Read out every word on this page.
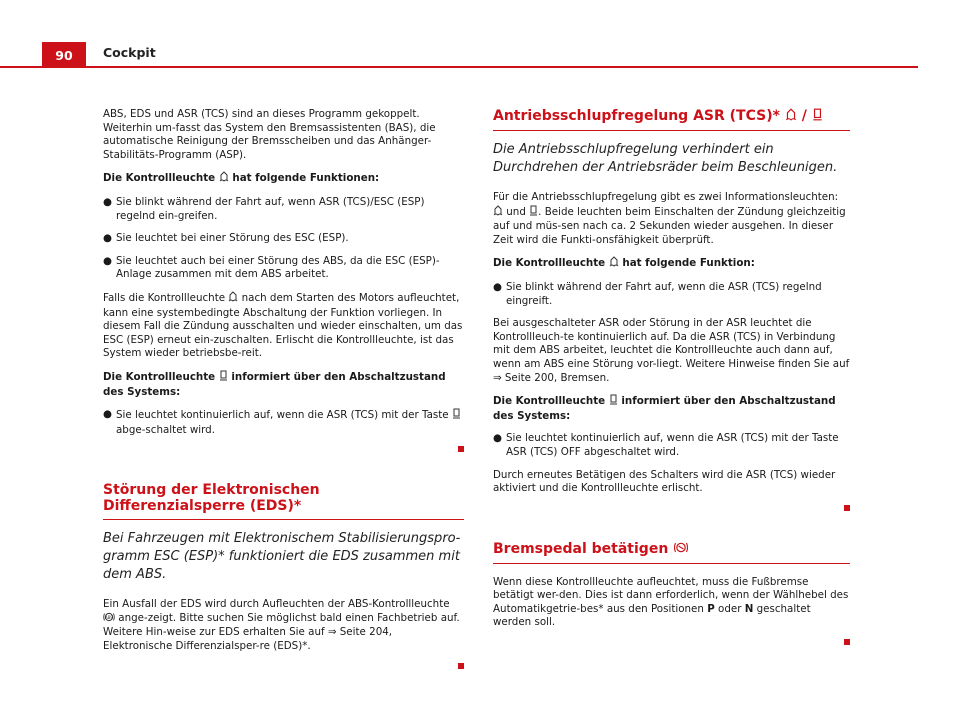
90	Cockpit

ABS, EDS und ASR (TCS) sind an dieses Programm gekoppelt. Weiterhin um-fasst das System den Bremsassistenten (BAS), die automatische Reinigung der Bremsscheiben und das Anhänger-Stabilitäts-Programm (ASP).

Die Kontrollleuchte hat folgende Funktionen:

● Sie blinkt während der Fahrt auf, wenn ASR (TCS)/ESC (ESP) regelnd ein-greifen.
● Sie leuchtet bei einer Störung des ESC (ESP).
● Sie leuchtet auch bei einer Störung des ABS, da die ESC (ESP)-Anlage zusammen mit dem ABS arbeitet.

Falls die Kontrollleuchte nach dem Starten des Motors aufleuchtet, kann eine systembedingte Abschaltung der Funktion vorliegen. In diesem Fall die Zündung ausschalten und wieder einschalten, um das ESC (ESP) erneut ein-zuschalten. Erlischt die Kontrollleuchte, ist das System wieder betriebsbe-reit.

Die Kontrollleuchte informiert über den Abschaltzustand des Systems:

● Sie leuchtet kontinuierlich auf, wenn die ASR (TCS) mit der Taste  abge-schaltet wird.
Störung der Elektronischen Differenzialsperre (EDS)*
Bei Fahrzeugen mit Elektronischem Stabilisierungspro-gramm ESC (ESP)* funktioniert die EDS zusammen mit dem ABS.

Ein Ausfall der EDS wird durch Aufleuchten der ABS-Kontrollleuchte
ABS ange-zeigt. Bitte suchen Sie möglichst bald einen Fachbetrieb auf. Weitere Hin-weise zur EDS erhalten Sie auf ⇒ Seite 204, Elektronische Differenzialsper-re (EDS)*.

Antriebsschlupfregelung ASR (TCS)* /
Die Antriebsschlupfregelung verhindert ein Durchdrehen der Antriebsräder beim Beschleunigen.

Für die Antriebsschlupfregelung gibt es zwei Informationsleuchten:  und . Beide leuchten beim Einschalten der Zündung gleichzeitig auf und müs-sen nach ca. 2 Sekunden wieder ausgehen. In dieser Zeit wird die Funkti-onsfähigkeit überprüft.

Die Kontrollleuchte hat folgende Funktion:

● Sie blinkt während der Fahrt auf, wenn die ASR (TCS) regelnd eingreift.

Bei ausgeschalteter ASR oder Störung in der ASR leuchtet die Kontrollleuch-te kontinuierlich auf. Da die ASR (TCS) in Verbindung mit dem ABS arbeitet, leuchtet die Kontrollleuchte auch dann auf, wenn am ABS eine Störung vor-liegt. Weitere Hinweise finden Sie auf ⇒ Seite 200, Bremsen.

Die Kontrollleuchte informiert über den Abschaltzustand des Systems:

● Sie leuchtet kontinuierlich auf, wenn die ASR (TCS) mit der Taste ASR (TCS) OFF abgeschaltet wird.

Durch erneutes Betätigen des Schalters wird die ASR (TCS) wieder aktiviert und die Kontrollleuchte erlischt.

Bremspedal betätigen

Wenn diese Kontrollleuchte aufleuchtet, muss die Fußbremse betätigt wer-den. Dies ist dann erforderlich, wenn der Wählhebel des Automatikgetrie-bes* aus den Positionen P oder N geschaltet werden soll.
